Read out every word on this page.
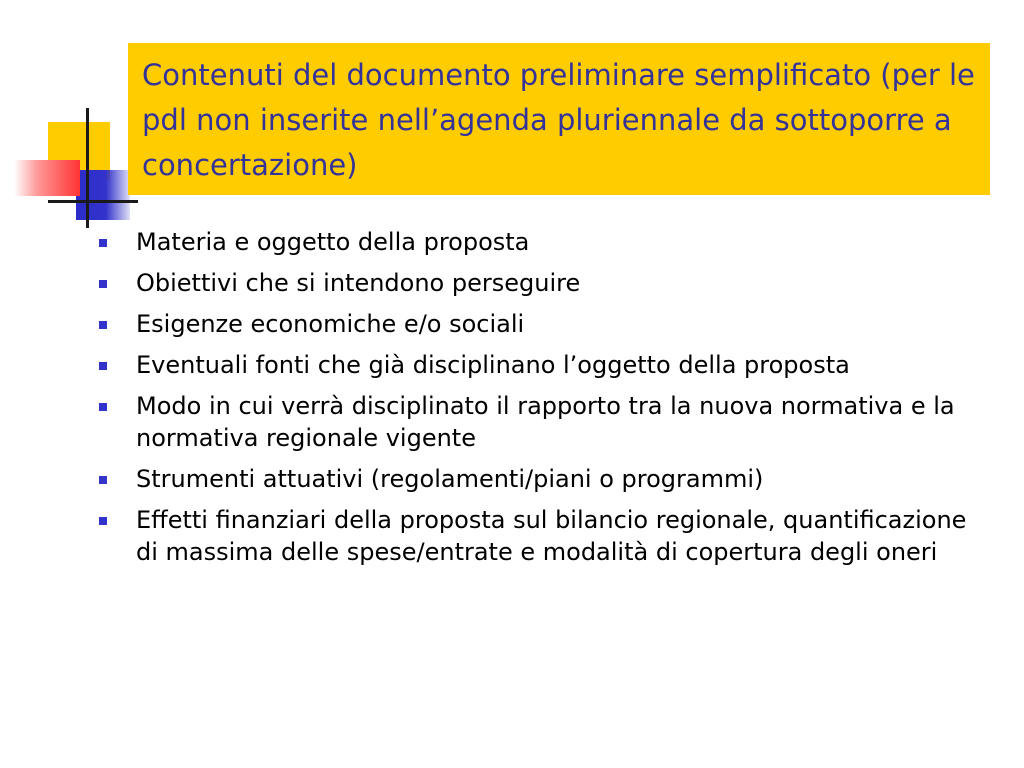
Contenuti del documento preliminare semplificato (per le pdl non inserite nell’agenda pluriennale da sottoporre a concertazione)
Materia e oggetto della proposta
Obiettivi che si intendono perseguire
Esigenze economiche e/o sociali
Eventuali fonti che già disciplinano l’oggetto della proposta
Modo in cui verrà disciplinato il rapporto tra la nuova normativa e la normativa regionale vigente
Strumenti attuativi (regolamenti/piani o programmi)
Effetti finanziari della proposta sul bilancio regionale, quantificazione di massima delle spese/entrate e modalità di copertura degli oneri
